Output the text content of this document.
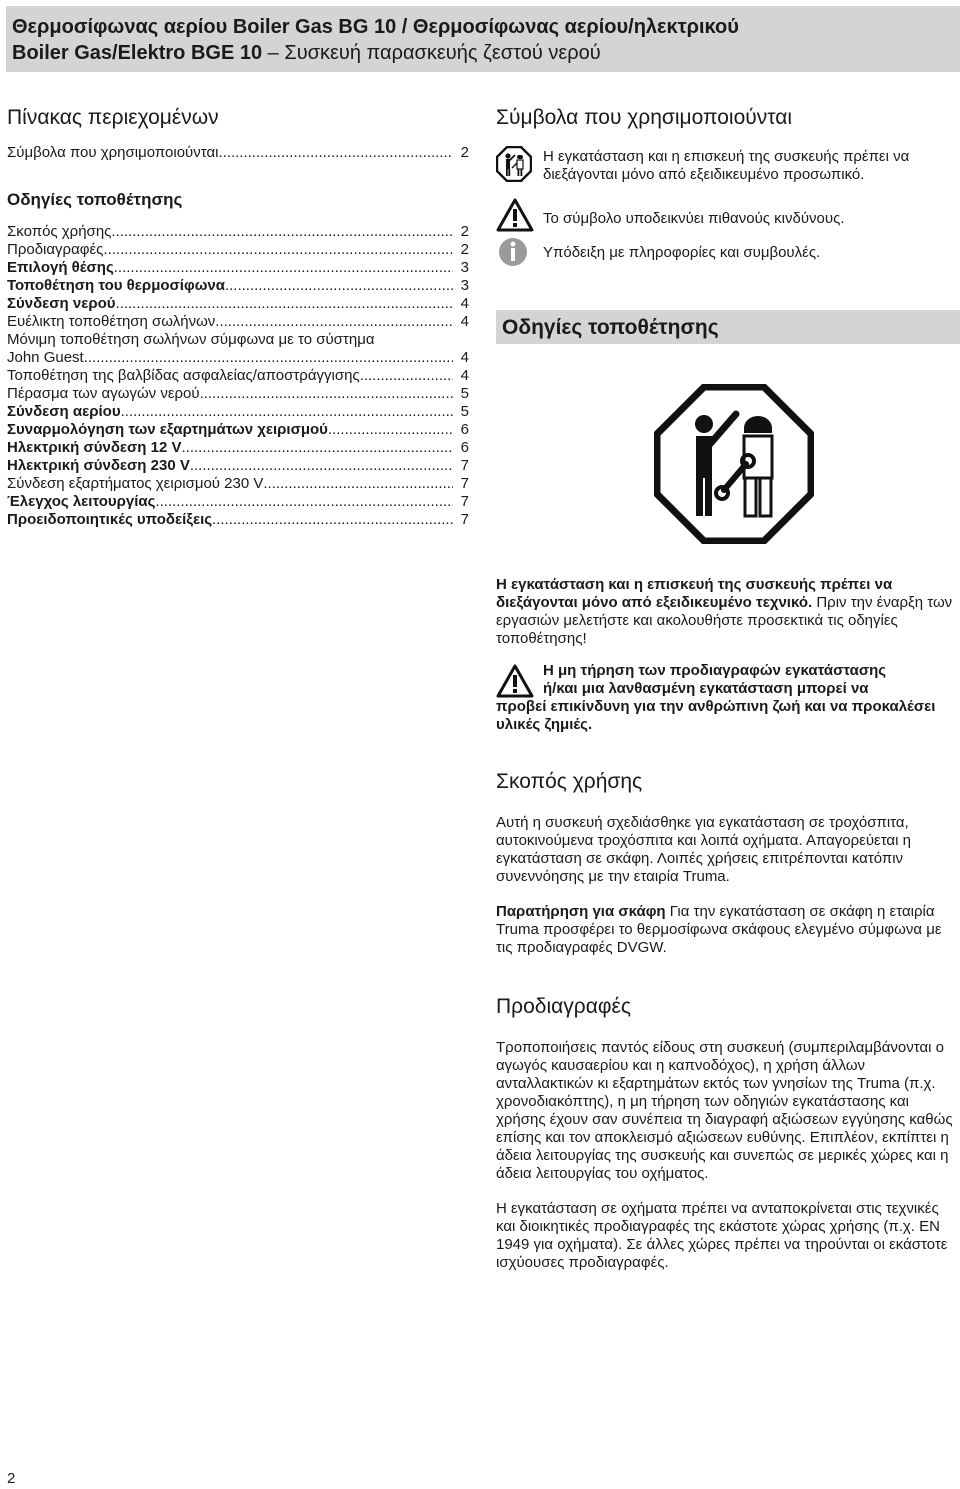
Θερμοσίφωνας αερίου Boiler Gas BG 10 / Θερμοσίφωνας αερίου/ηλεκτρικού
Boiler Gas/Elektro BGE 10 – Συσκευή παρασκευής ζεστού νερού
Πίνακας περιεχομένων
Σύμβολα που χρησιμοποιούνται .....	2
Οδηγίες τοποθέτησης
Σκοπός χρήσης .....	2
Προδιαγραφές .....	2
Επιλογή θέσης .....	3
Τοποθέτηση του θερμοσίφωνα .....	3
Σύνδεση νερού .....	4
Ευέλικτη τοποθέτηση σωλήνων .....	4
Μόνιμη τοποθέτηση σωλήνων σύμφωνα με το σύστημα
John Guest .....	4
Τοποθέτηση της βαλβίδας ασφαλείας/αποστράγγισης .....	4
Πέρασμα των αγωγών νερού .....	5
Σύνδεση αερίου .....	5
Συναρμολόγηση των εξαρτημάτων χειρισμού .....	6
Ηλεκτρική σύνδεση 12 V .....	6
Ηλεκτρική σύνδεση 230 V .....	7
Σύνδεση εξαρτήματος χειρισμού 230 V .....	7
Έλεγχος λειτουργίας .....	7
Προειδοποιητικές υποδείξεις .....	7
Σύμβολα που χρησιμοποιούνται
Η εγκατάσταση και η επισκευή της συσκευής πρέπει να διεξάγονται μόνο από εξειδικευμένο προσωπικό.
Το σύμβολο υποδεικνύει πιθανούς κινδύνους.
Υπόδειξη με πληροφορίες και συμβουλές.
Οδηγίες τοποθέτησης
Η εγκατάσταση και η επισκευή της συσκευής πρέπει να διεξάγονται μόνο από εξειδικευμένο τεχνικό. Πριν την έναρξη των εργασιών μελετήστε και ακολουθήστε προσεκτικά τις οδηγίες τοποθέτησης!
Η μη τήρηση των προδιαγραφών εγκατάστασης
ή/και μια λανθασμένη εγκατάσταση μπορεί να
προβεί επικίνδυνη για την ανθρώπινη ζωή και να προκαλέσει υλικές ζημιές.
Σκοπός χρήσης
Αυτή η συσκευή σχεδιάσθηκε για εγκατάσταση σε τροχόσπιτα, αυτοκινούμενα τροχόσπιτα και λοιπά οχήματα. Απαγορεύεται η εγκατάσταση σε σκάφη. Λοιπές χρήσεις επιτρέπονται κατόπιν συνεννόησης με την εταιρία Truma.
Παρατήρηση για σκάφη Για την εγκατάσταση σε σκάφη η εταιρία Truma προσφέρει το θερμοσίφωνα σκάφους ελεγμένο σύμφωνα με τις προδιαγραφές DVGW.
Προδιαγραφές
Τροποποιήσεις παντός είδους στη συσκευή (συμπεριλαμβάνονται ο αγωγός καυσαερίου και η καπνοδόχος), η χρήση άλλων ανταλλακτικών κι εξαρτημάτων εκτός των γνησίων της Truma (π.χ. χρονοδιακόπτης), η μη τήρηση των οδηγιών εγκατάστασης και χρήσης έχουν σαν συνέπεια τη διαγραφή αξιώσεων εγγύησης καθώς επίσης και τον αποκλεισμό αξιώσεων ευθύνης. Επιπλέον, εκπίπτει η άδεια λειτουργίας της συσκευής και συνεπώς σε μερικές χώρες και η άδεια λειτουργίας του οχήματος.
Η εγκατάσταση σε οχήματα πρέπει να ανταποκρίνεται στις τεχνικές και διοικητικές προδιαγραφές της εκάστοτε χώρας χρήσης (π.χ. EN 1949 για οχήματα). Σε άλλες χώρες πρέπει να τηρούνται οι εκάστοτε ισχύουσες προδιαγραφές.
2
